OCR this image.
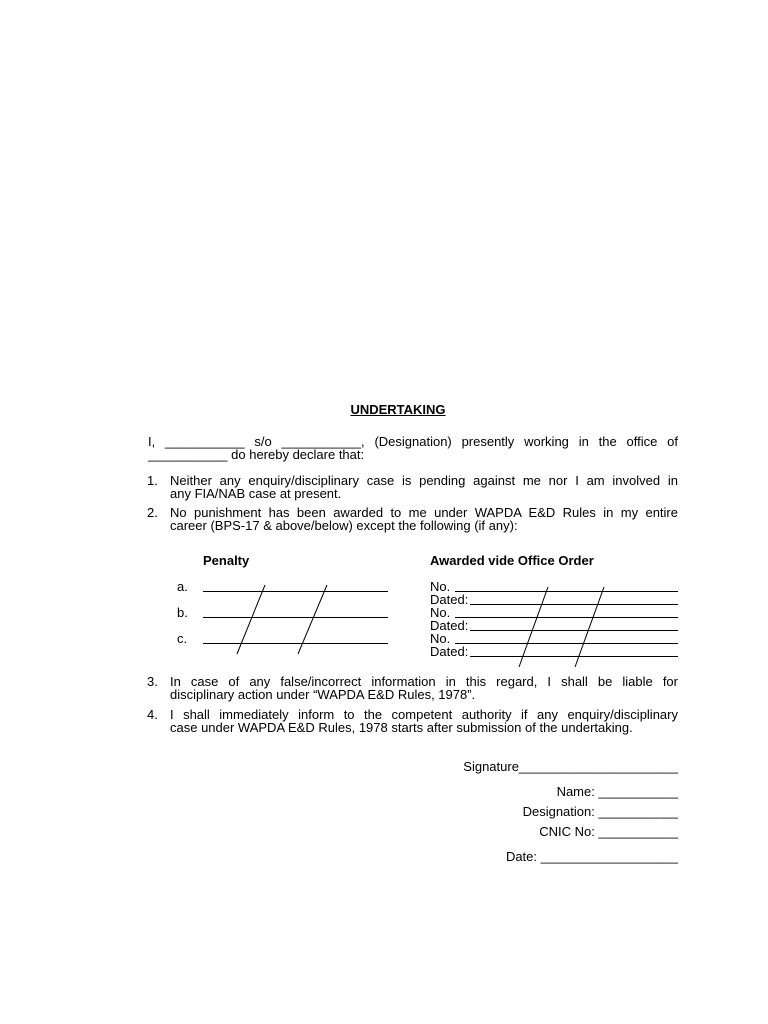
UNDERTAKING
I, ___________ s/o ___________, (Designation) presently working in the office of
___________ do hereby declare that:
1. Neither any enquiry/disciplinary case is pending against me nor I am involved in
any FIA/NAB case at present.
2. No punishment has been awarded to me under WAPDA E&D Rules in my entire
career (BPS-17 & above/below) except the following (if any):
Penalty	Awarded vide Office Order
a.	No.
Dated:
b.	No.
Dated:
c.	No.
Dated:
3. In case of any false/incorrect information in this regard, I shall be liable for
disciplinary action under “WAPDA E&D Rules, 1978”.
4. I shall immediately inform to the competent authority if any enquiry/disciplinary
case under WAPDA E&D Rules, 1978 starts after submission of the undertaking.
Signature______________________
Name: ___________
Designation: ___________
CNIC No: ___________
Date: ___________________
